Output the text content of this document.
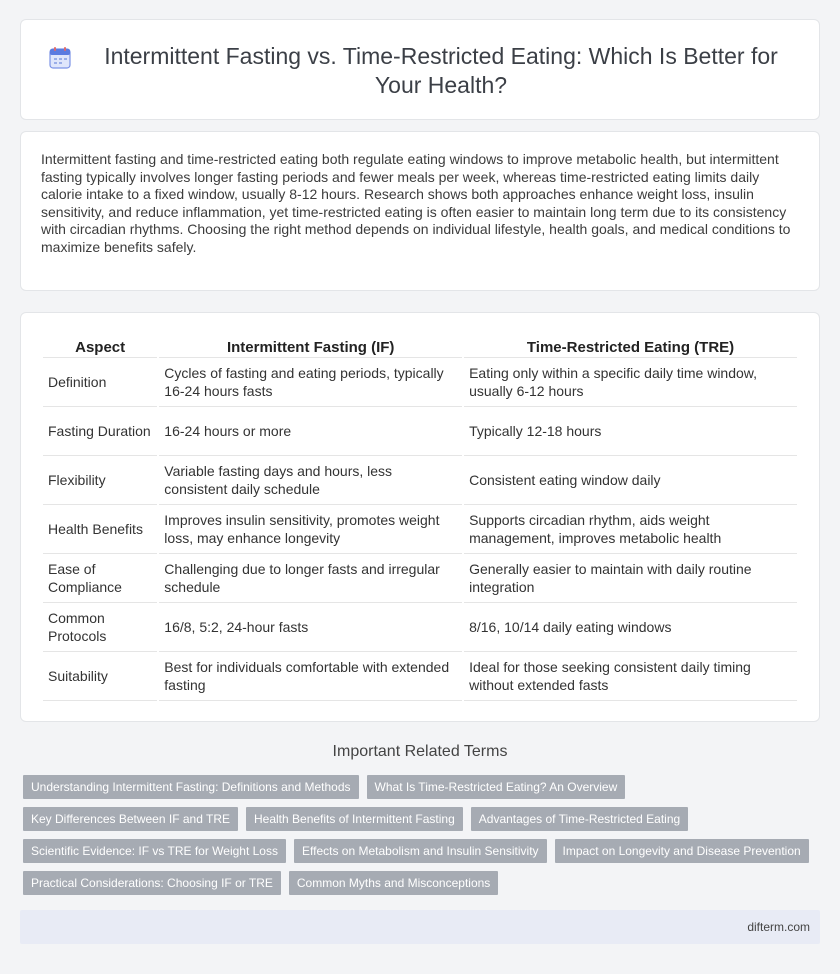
Intermittent Fasting vs. Time-Restricted Eating: Which Is Better for Your Health?

Intermittent fasting and time-restricted eating both regulate eating windows to improve metabolic health, but intermittent fasting typically involves longer fasting periods and fewer meals per week, whereas time-restricted eating limits daily calorie intake to a fixed window, usually 8-12 hours. Research shows both approaches enhance weight loss, insulin sensitivity, and reduce inflammation, yet time-restricted eating is often easier to maintain long term due to its consistency with circadian rhythms. Choosing the right method depends on individual lifestyle, health goals, and medical conditions to maximize benefits safely.

Aspect	Intermittent Fasting (IF)	Time-Restricted Eating (TRE)
Definition	Cycles of fasting and eating periods, typically 16-24 hours fasts	Eating only within a specific daily time window, usually 6-12 hours
Fasting Duration	16-24 hours or more	Typically 12-18 hours
Flexibility	Variable fasting days and hours, less consistent daily schedule	Consistent eating window daily
Health Benefits	Improves insulin sensitivity, promotes weight loss, may enhance longevity	Supports circadian rhythm, aids weight management, improves metabolic health
Ease of Compliance	Challenging due to longer fasts and irregular schedule	Generally easier to maintain with daily routine integration
Common Protocols	16/8, 5:2, 24-hour fasts	8/16, 10/14 daily eating windows
Suitability	Best for individuals comfortable with extended fasting	Ideal for those seeking consistent daily timing without extended fasts
Important Related Terms
Understanding Intermittent Fasting: Definitions and Methods	What Is Time-Restricted Eating? An Overview
Key Differences Between IF and TRE	Health Benefits of Intermittent Fasting	Advantages of Time-Restricted Eating
Scientific Evidence: IF vs TRE for Weight Loss	Effects on Metabolism and Insulin Sensitivity	Impact on Longevity and Disease Prevention
Practical Considerations: Choosing IF or TRE	Common Myths and Misconceptions
difterm.com
